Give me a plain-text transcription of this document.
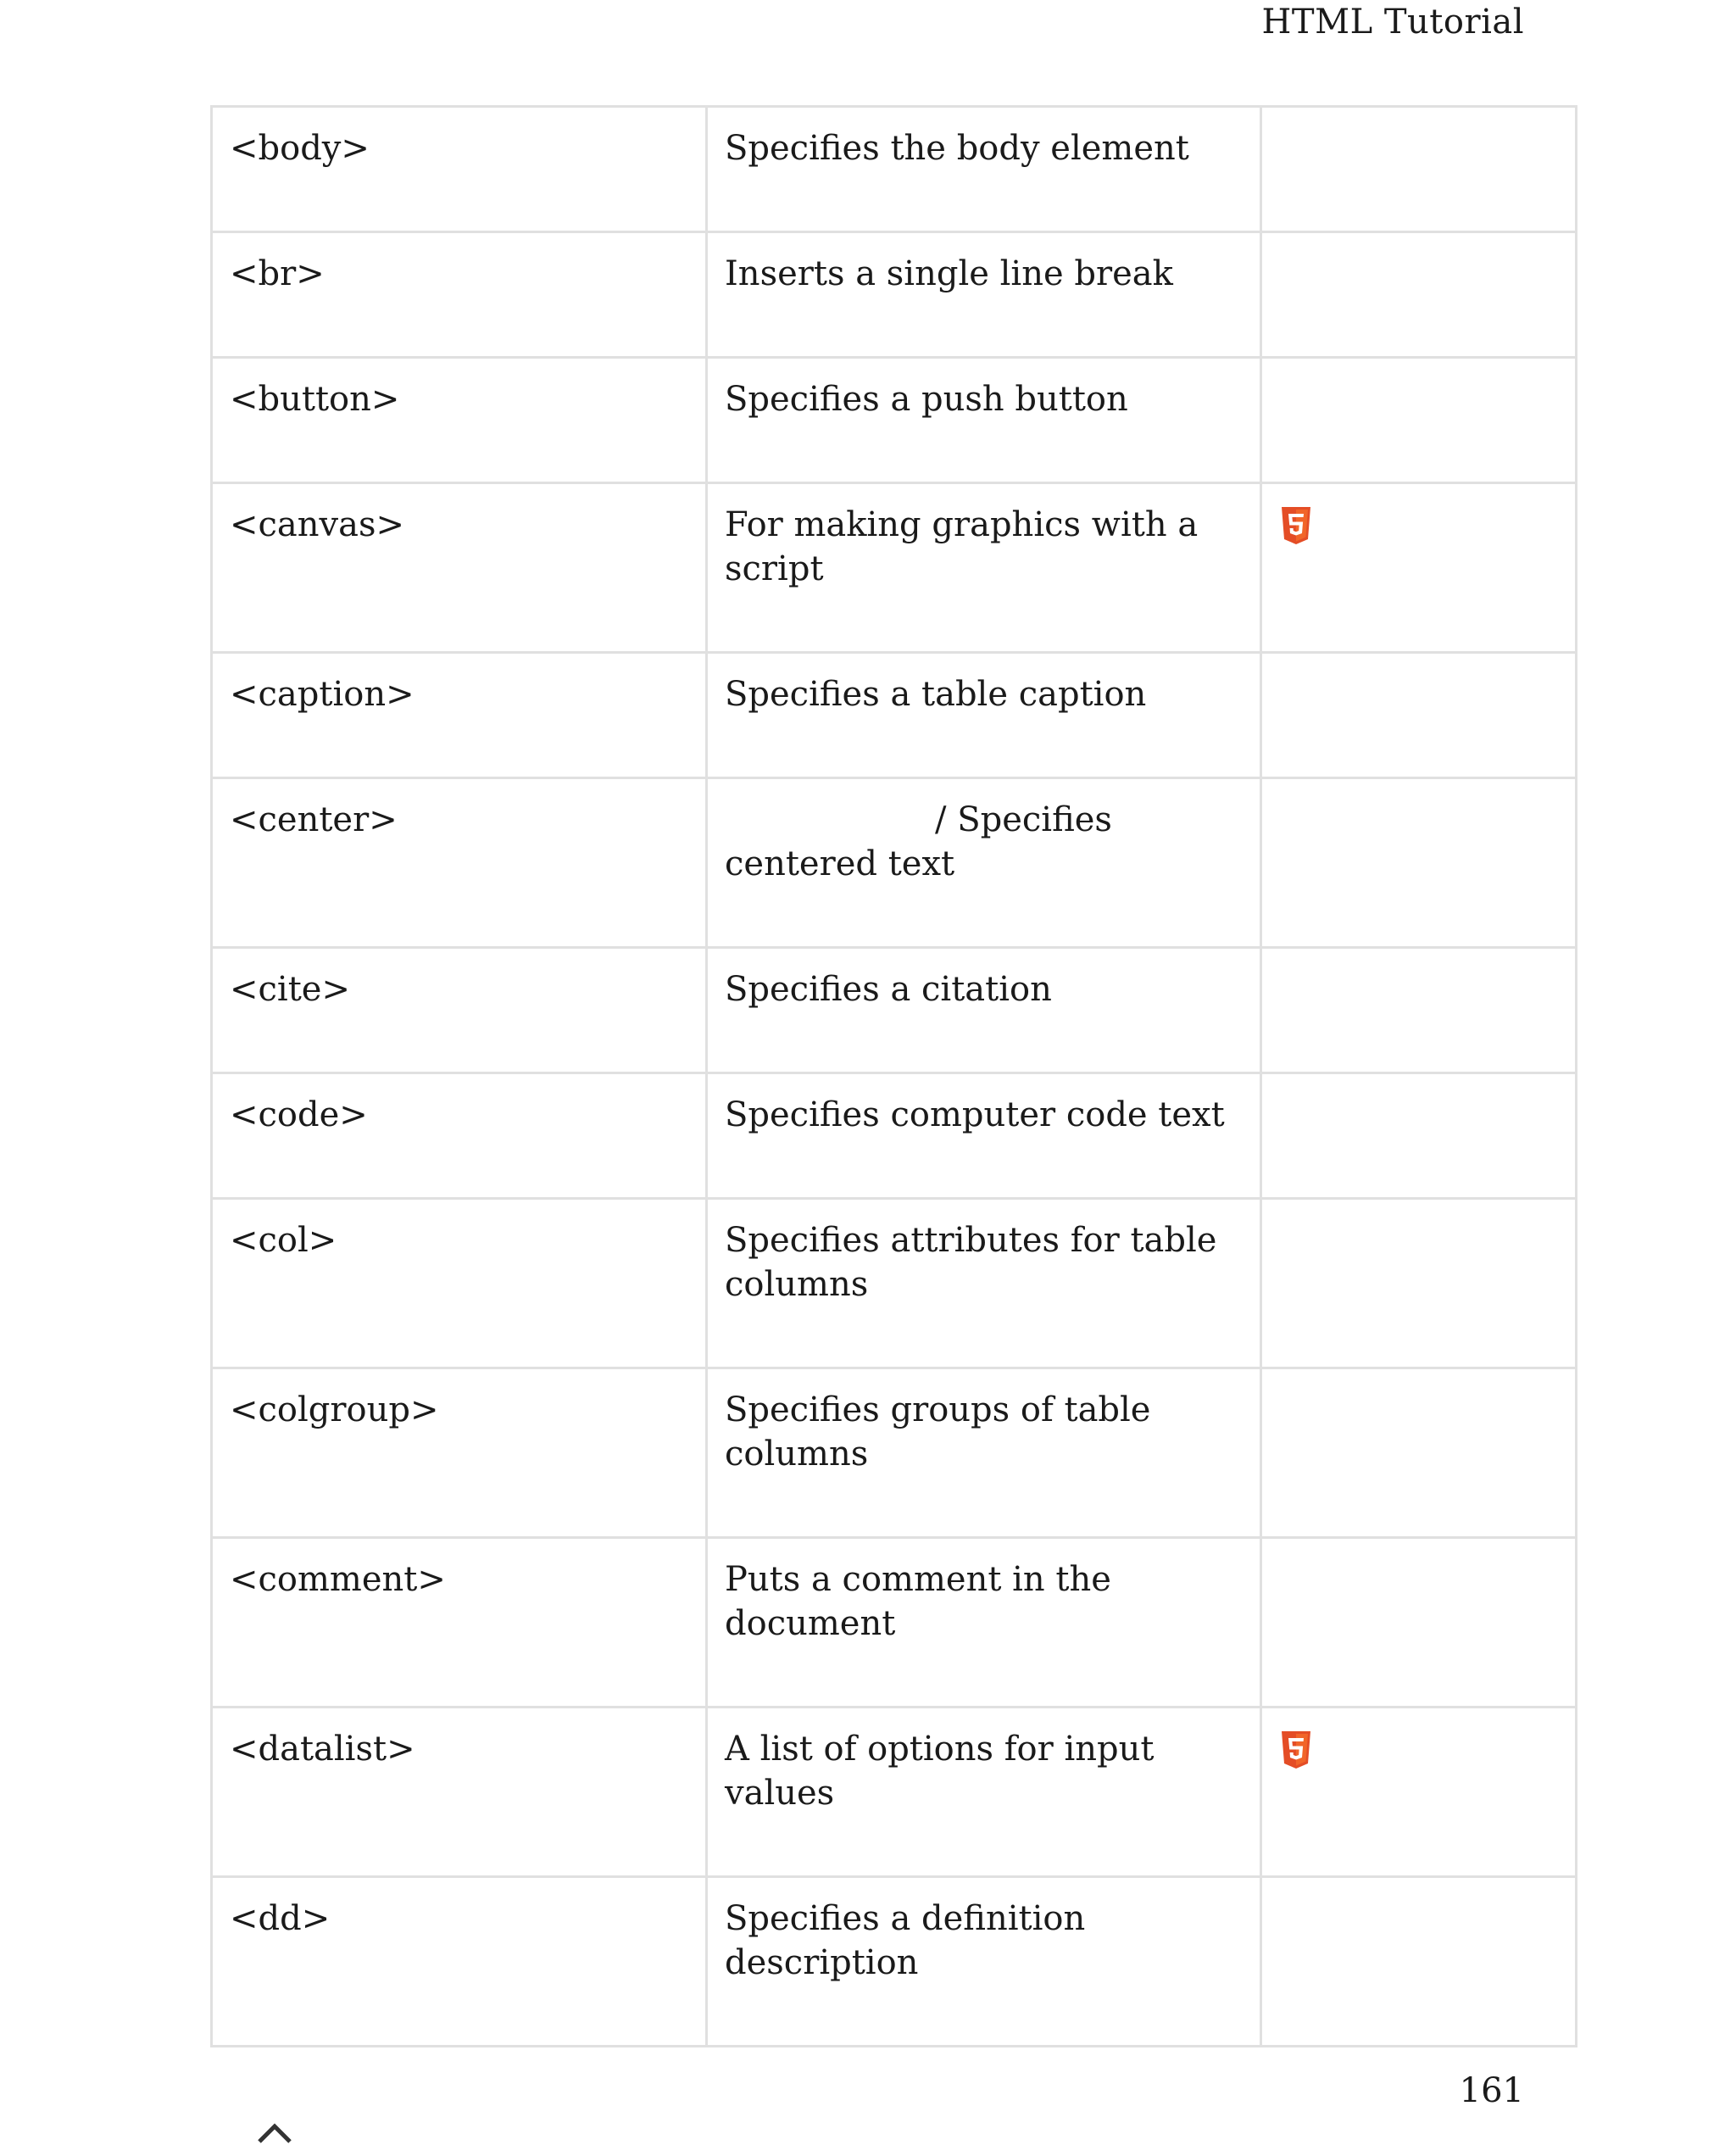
HTML Tutorial
<body>	Specifies the body element	
<br>	Inserts a single line break	
<button>	Specifies a push button	
<canvas>	For making graphics with a script	
<caption>	Specifies a table caption	
<center>	/ Specifies centered text	
<cite>	Specifies a citation	
<code>	Specifies computer code text	
<col>	Specifies attributes for table columns	
<colgroup>	Specifies groups of table columns	
<comment>	Puts a comment in the document	
<datalist>	A list of options for input values	
<dd>	Specifies a definition description	
161
